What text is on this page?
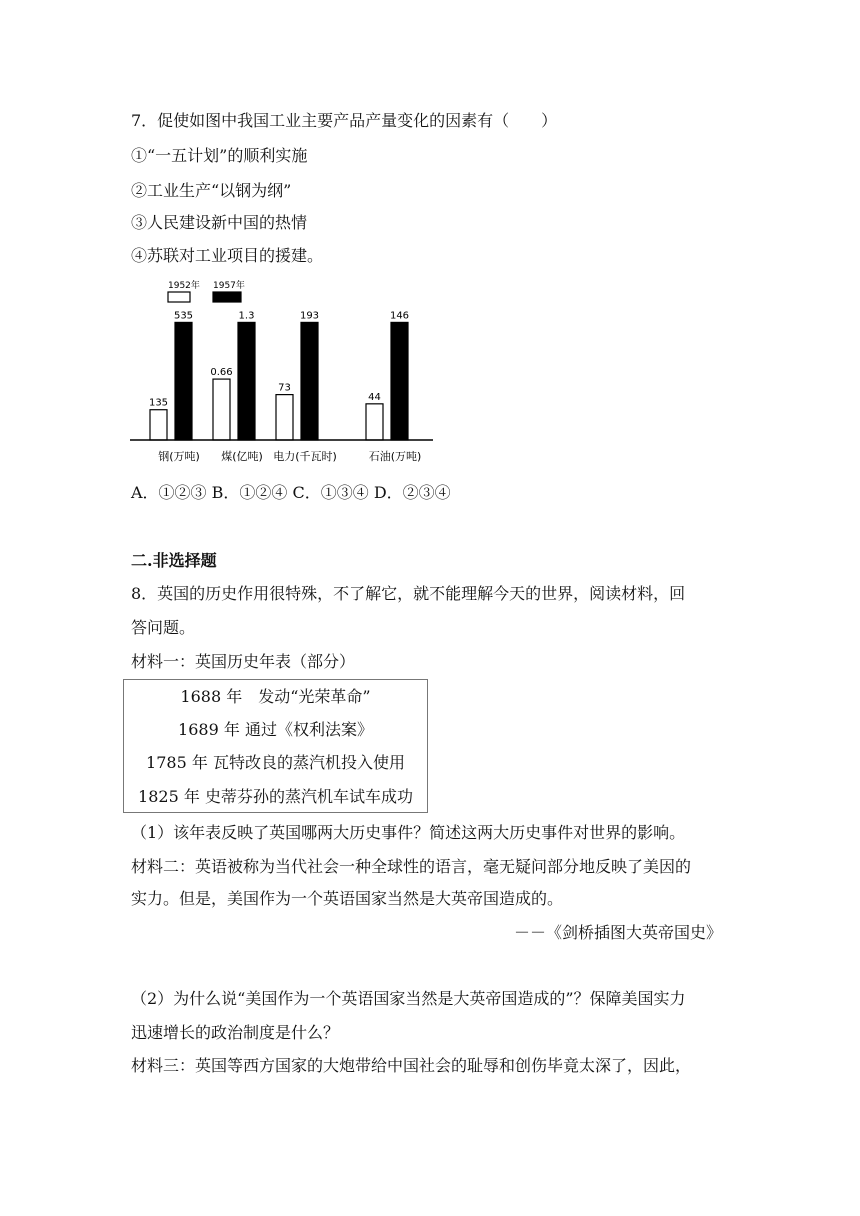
7．促使如图中我国工业主要产品产量变化的因素有（　　）
①“一五计划”的顺利实施
②工业生产“以钢为纲”
③人民建设新中国的热情
④苏联对工业项目的援建。
1952年 1957年
135
535
钢(万吨)
0.66
1.3
煤(亿吨)
73
193
电力(千瓦时)
44
146
石油(万吨)
A．①②③ B．①②④ C．①③④ D．②③④
二.非选择题
8．英国的历史作用很特殊，不了解它，就不能理解今天的世界，阅读材料，回
答问题。
材料一：英国历史年表（部分）
1688 年　发动“光荣革命”
1689 年 通过《权利法案》
1785 年 瓦特改良的蒸汽机投入使用
1825 年 史蒂芬孙的蒸汽机车试车成功
（1）该年表反映了英国哪两大历史事件？简述这两大历史事件对世界的影响。
材料二：英语被称为当代社会一种全球性的语言，毫无疑问部分地反映了美因的
实力。但是，美国作为一个英语国家当然是大英帝国造成的。
－－《剑桥插图大英帝国史》
（2）为什么说“美国作为一个英语国家当然是大英帝国造成的”？保障美国实力
迅速增长的政治制度是什么？
材料三：英国等西方国家的大炮带给中国社会的耻辱和创伤毕竟太深了，因此，
